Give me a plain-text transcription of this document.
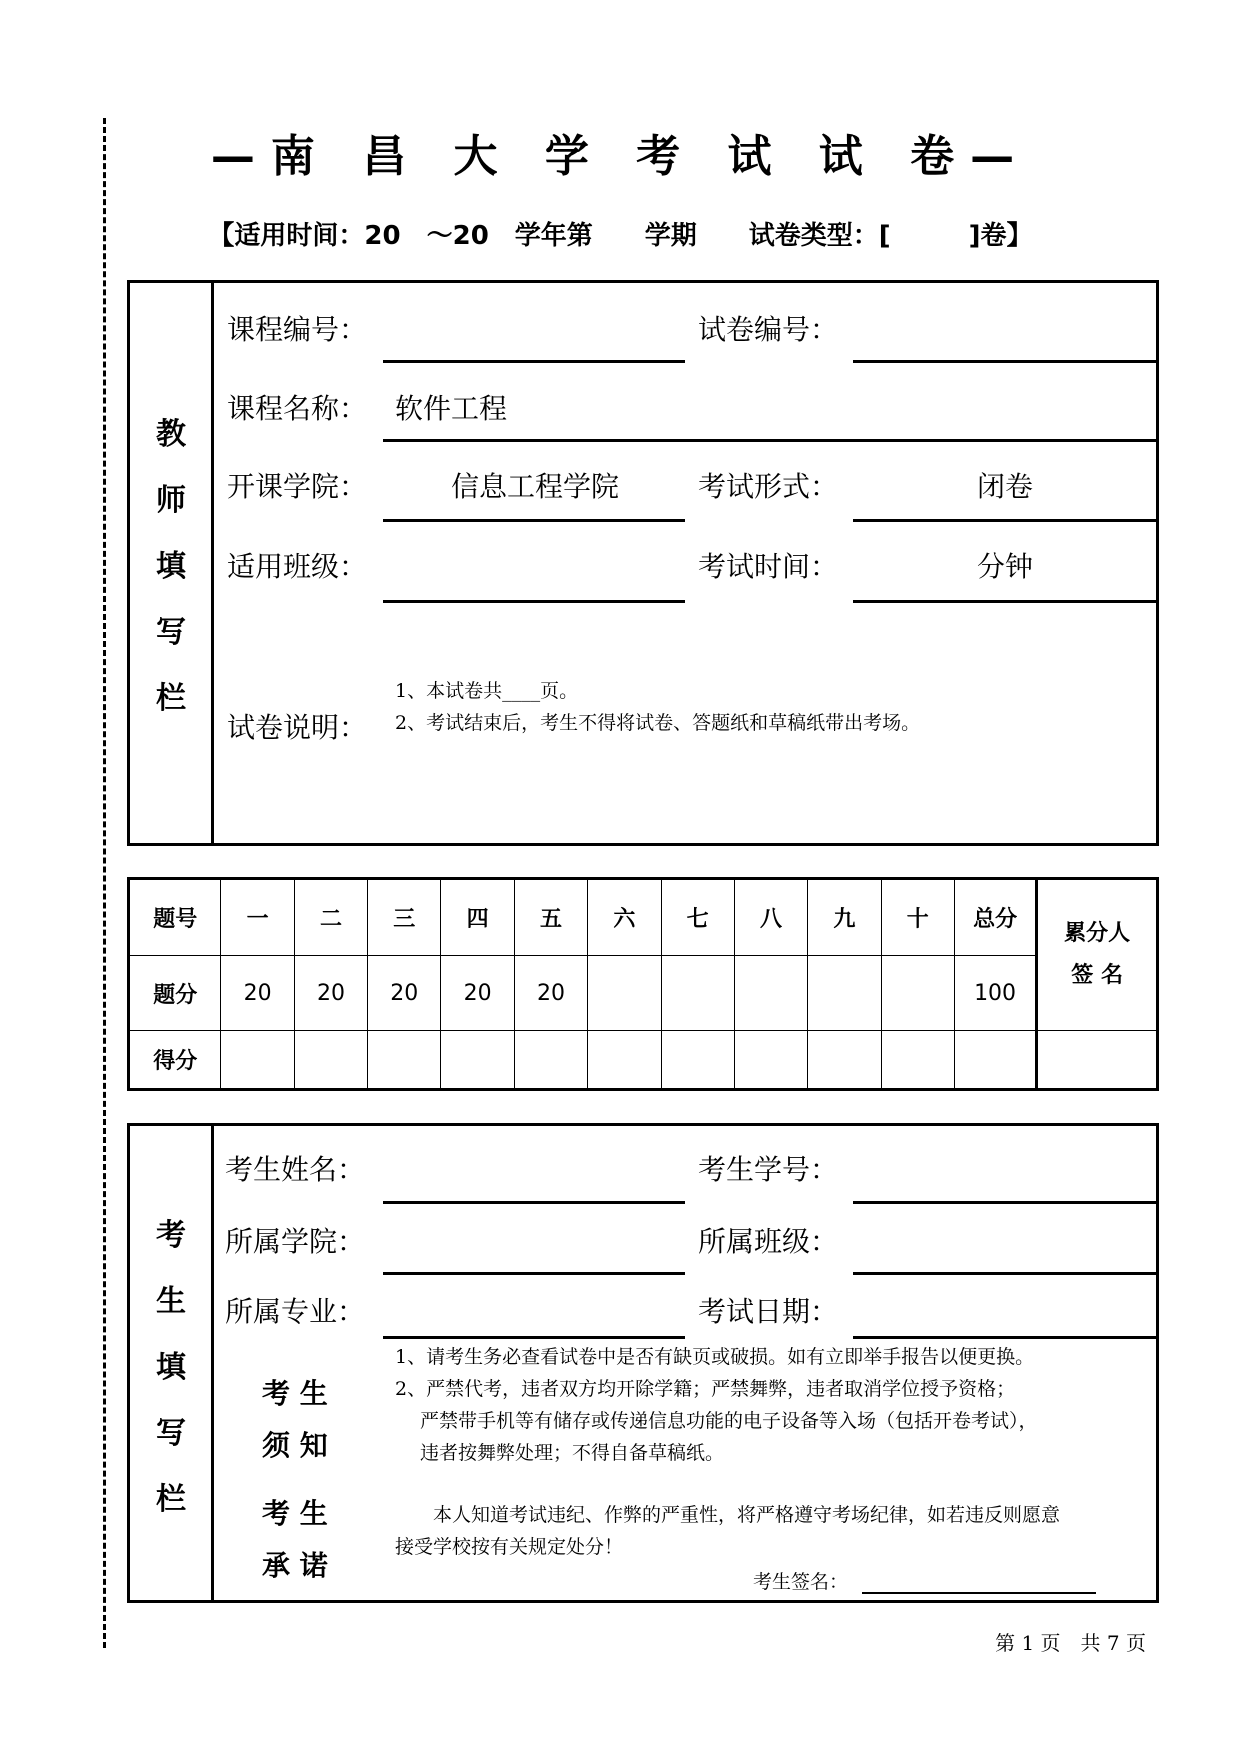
—南 昌 大 学 考 试 试 卷—
【适用时间：20　～20　学年第　　学期　　试卷类型：[　　　]卷】
教
师
填
写
栏
课程编号：	试卷编号：
课程名称： 软件工程
开课学院：	信息工程学院	考试形式：	闭卷
适用班级：	考试时间：	分钟
试卷说明：
1、本试卷共____页。
2、考试结束后，考生不得将试卷、答题纸和草稿纸带出考场。
题号	一	二	三	四	五	六	七	八	九	十	总分	累分人
签 名

题分	20	20	20	20	20						100	
得分												
考
生
填
写
栏
考生姓名：	考生学号：
所属学院：	所属班级：
所属专业：	考试日期：
考 生
须 知
1、请考生务必查看试卷中是否有缺页或破损。如有立即举手报告以便更换。
2、严禁代考，违者双方均开除学籍；严禁舞弊，违者取消学位授予资格；
　 严禁带手机等有储存或传递信息功能的电子设备等入场（包括开卷考试），
　 违者按舞弊处理；不得自备草稿纸。
考 生
承 诺
　　本人知道考试违纪、作弊的严重性，将严格遵守考场纪律，如若违反则愿意
接受学校按有关规定处分！
考生签名：
第 1 页　共 7 页
